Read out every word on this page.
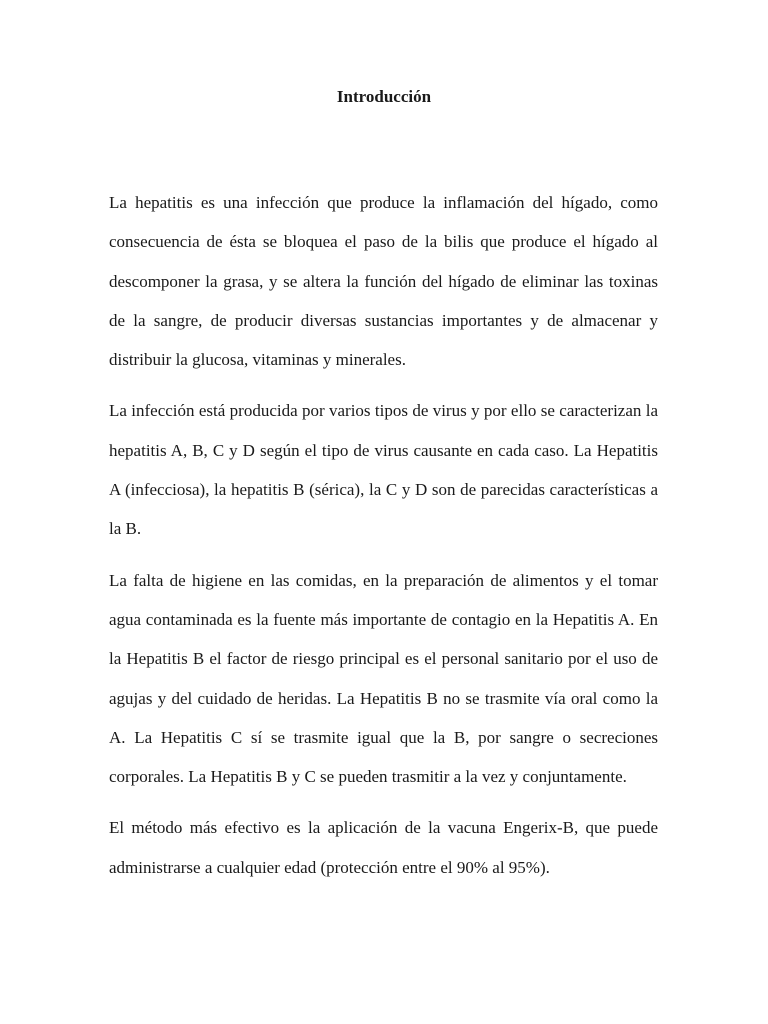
Introducción

La hepatitis es una infección que produce la inflamación del hígado, como consecuencia de ésta se bloquea el paso de la bilis que produce el hígado al descomponer la grasa, y se altera la función del hígado de eliminar las toxinas de la sangre, de producir diversas sustancias importantes y de almacenar y distribuir la glucosa, vitaminas y minerales.

La infección está producida por varios tipos de virus y por ello se caracterizan la hepatitis A, B, C y D según el tipo de virus causante en cada caso. La Hepatitis A (infecciosa), la hepatitis B (sérica), la C y D son de parecidas características a la B.

La falta de higiene en las comidas, en la preparación de alimentos y el tomar agua contaminada es la fuente más importante de contagio en la Hepatitis A. En la Hepatitis B el factor de riesgo principal es el personal sanitario por el uso de agujas y del cuidado de heridas. La Hepatitis B no se trasmite vía oral como la A. La Hepatitis C sí se trasmite igual que la B, por sangre o secreciones corporales. La Hepatitis B y C se pueden trasmitir a la vez y conjuntamente.

El método más efectivo es la aplicación de la vacuna Engerix-B, que puede administrarse a cualquier edad (protección entre el 90% al 95%).
